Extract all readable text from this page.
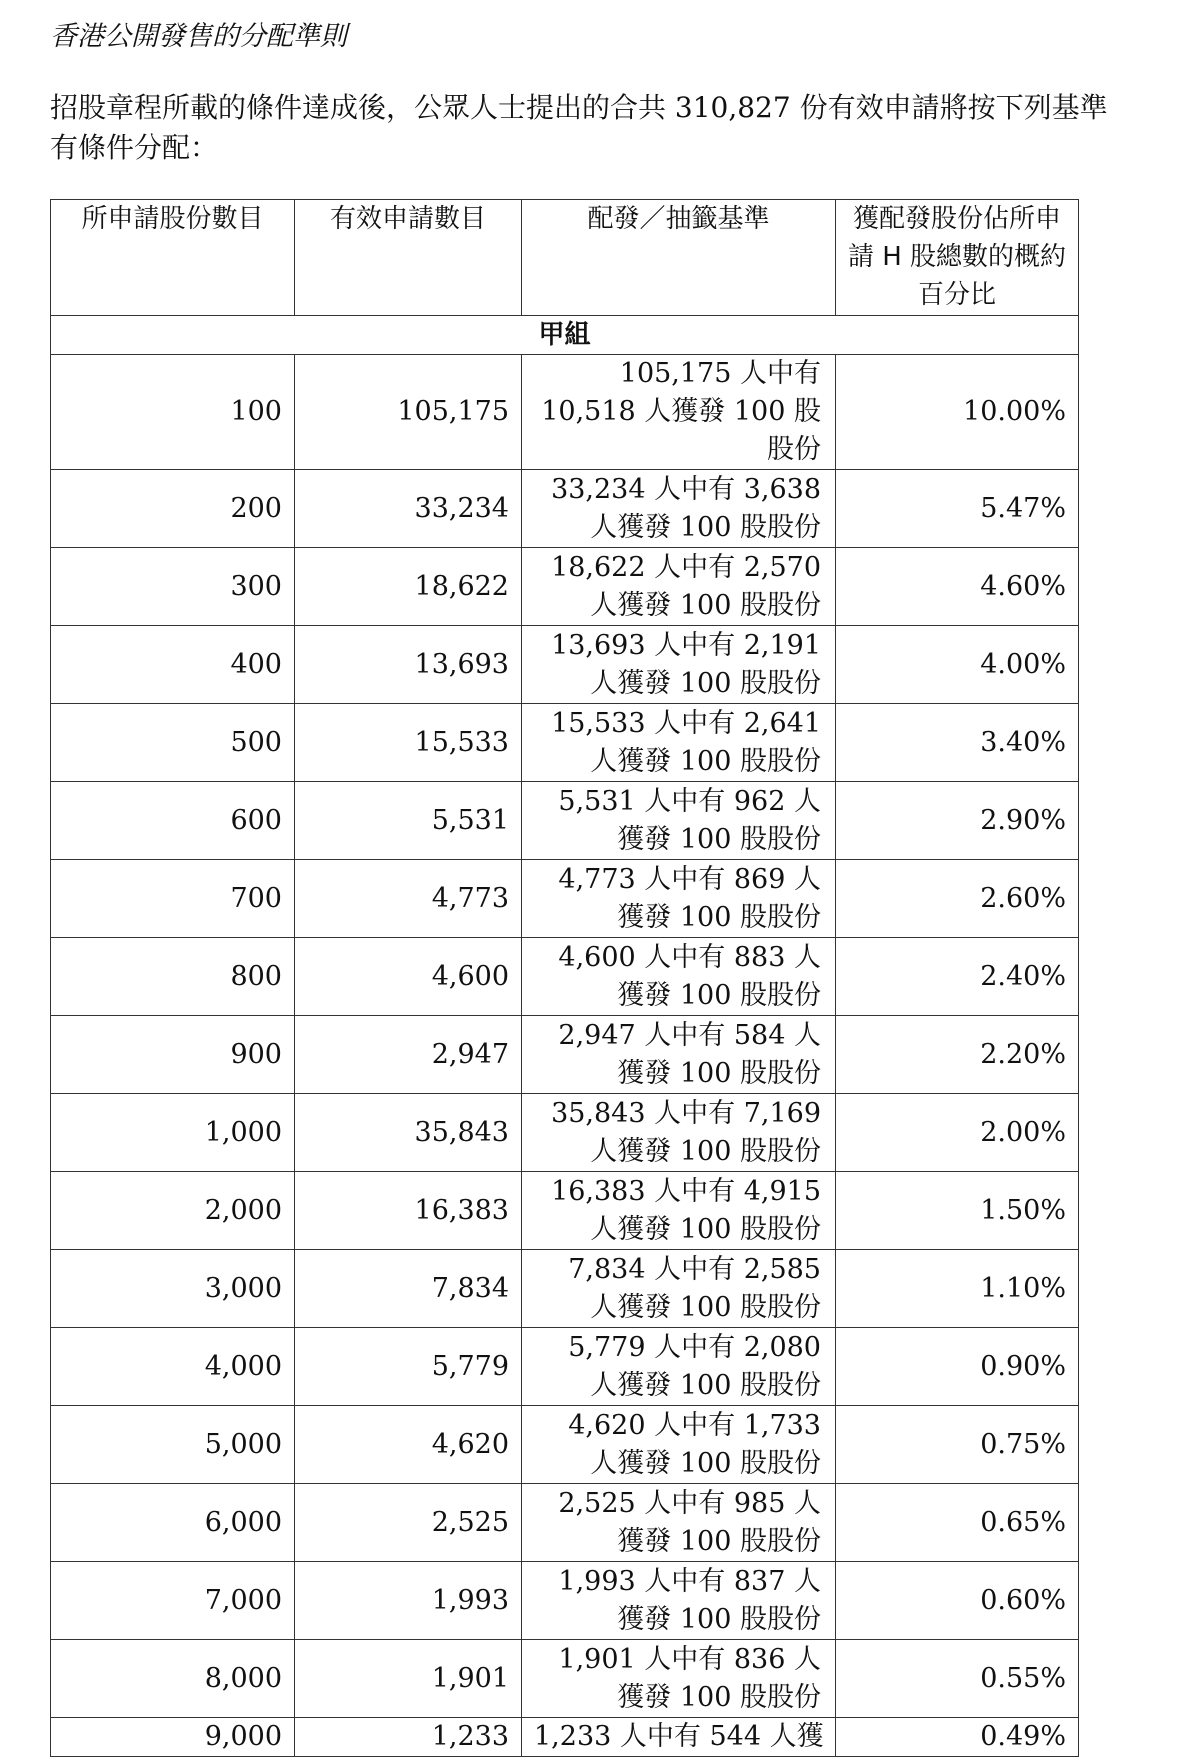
香港公開發售的分配準則
招股章程所載的條件達成後，公眾人士提出的合共 310,827 份有效申請將按下列基準有條件分配：
所申請股份數目	有效申請數目	配發／抽籤基準	獲配發股份佔所申請 H 股總數的概約百分比
甲組			
100	105,175	105,175 人中有 10,518 人獲發 100 股股份	10.00%
200	33,234	33,234 人中有 3,638 人獲發 100 股股份	5.47%
300	18,622	18,622 人中有 2,570 人獲發 100 股股份	4.60%
400	13,693	13,693 人中有 2,191 人獲發 100 股股份	4.00%
500	15,533	15,533 人中有 2,641 人獲發 100 股股份	3.40%
600	5,531	5,531 人中有 962 人獲發 100 股股份	2.90%
700	4,773	4,773 人中有 869 人獲發 100 股股份	2.60%
800	4,600	4,600 人中有 883 人獲發 100 股股份	2.40%
900	2,947	2,947 人中有 584 人獲發 100 股股份	2.20%
1,000	35,843	35,843 人中有 7,169 人獲發 100 股股份	2.00%
2,000	16,383	16,383 人中有 4,915 人獲發 100 股股份	1.50%
3,000	7,834	7,834 人中有 2,585 人獲發 100 股股份	1.10%
4,000	5,779	5,779 人中有 2,080 人獲發 100 股股份	0.90%
5,000	4,620	4,620 人中有 1,733 人獲發 100 股股份	0.75%
6,000	2,525	2,525 人中有 985 人獲發 100 股股份	0.65%
7,000	1,993	1,993 人中有 837 人獲發 100 股股份	0.60%
8,000	1,901	1,901 人中有 836 人獲發 100 股股份	0.55%
9,000	1,233	1,233 人中有 544 人獲	0.49%
